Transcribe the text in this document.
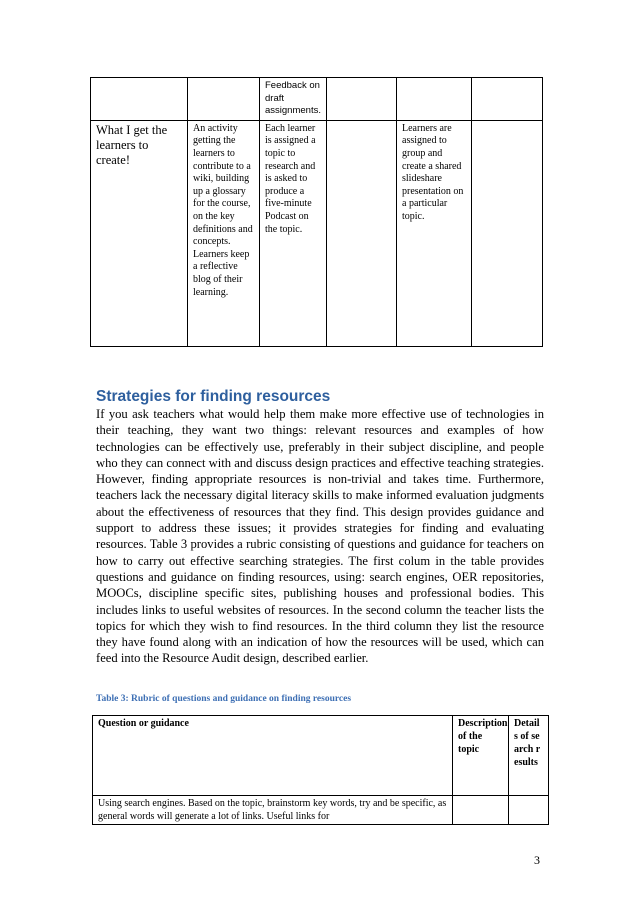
		Feedback on draft assignments.			
What I get the learners to create!	An activity getting the learners to contribute to a wiki, building up a glossary for the course, on the key definitions and concepts. Learners keep a reflective blog of their learning.	Each learner is assigned a topic to research and is asked to produce a five-minute Podcast on the topic.		Learners are assigned to group and create a shared slideshare presentation on a particular topic.	
Strategies for finding resources

If you ask teachers what would help them make more effective use of technologies in their teaching, they want two things: relevant resources and examples of how technologies can be effectively use, preferably in their subject discipline, and people who they can connect with and discuss design practices and effective teaching strategies. However, finding appropriate resources is non-trivial and takes time. Furthermore, teachers lack the necessary digital literacy skills to make informed evaluation judgments about the effectiveness of resources that they find. This design provides guidance and support to address these issues; it provides strategies for finding and evaluating resources. Table 3 provides a rubric consisting of questions and guidance for teachers on how to carry out effective searching strategies. The first colum in the table provides questions and guidance on finding resources, using: search engines, OER repositories, MOOCs, discipline specific sites, publishing houses and professional bodies. This includes links to useful websites of resources. In the second column the teacher lists the topics for which they wish to find resources. In the third column they list the resource they have found along with an indication of how the resources will be used, which can feed into the Resource Audit design, described earlier.

Table 3: Rubric of questions and guidance on finding resources

Question or guidance	Description of the topic	Details of search results
Using search engines. Based on the topic, brainstorm key words, try and be specific, as general words will generate a lot of links. Useful links for		
3
